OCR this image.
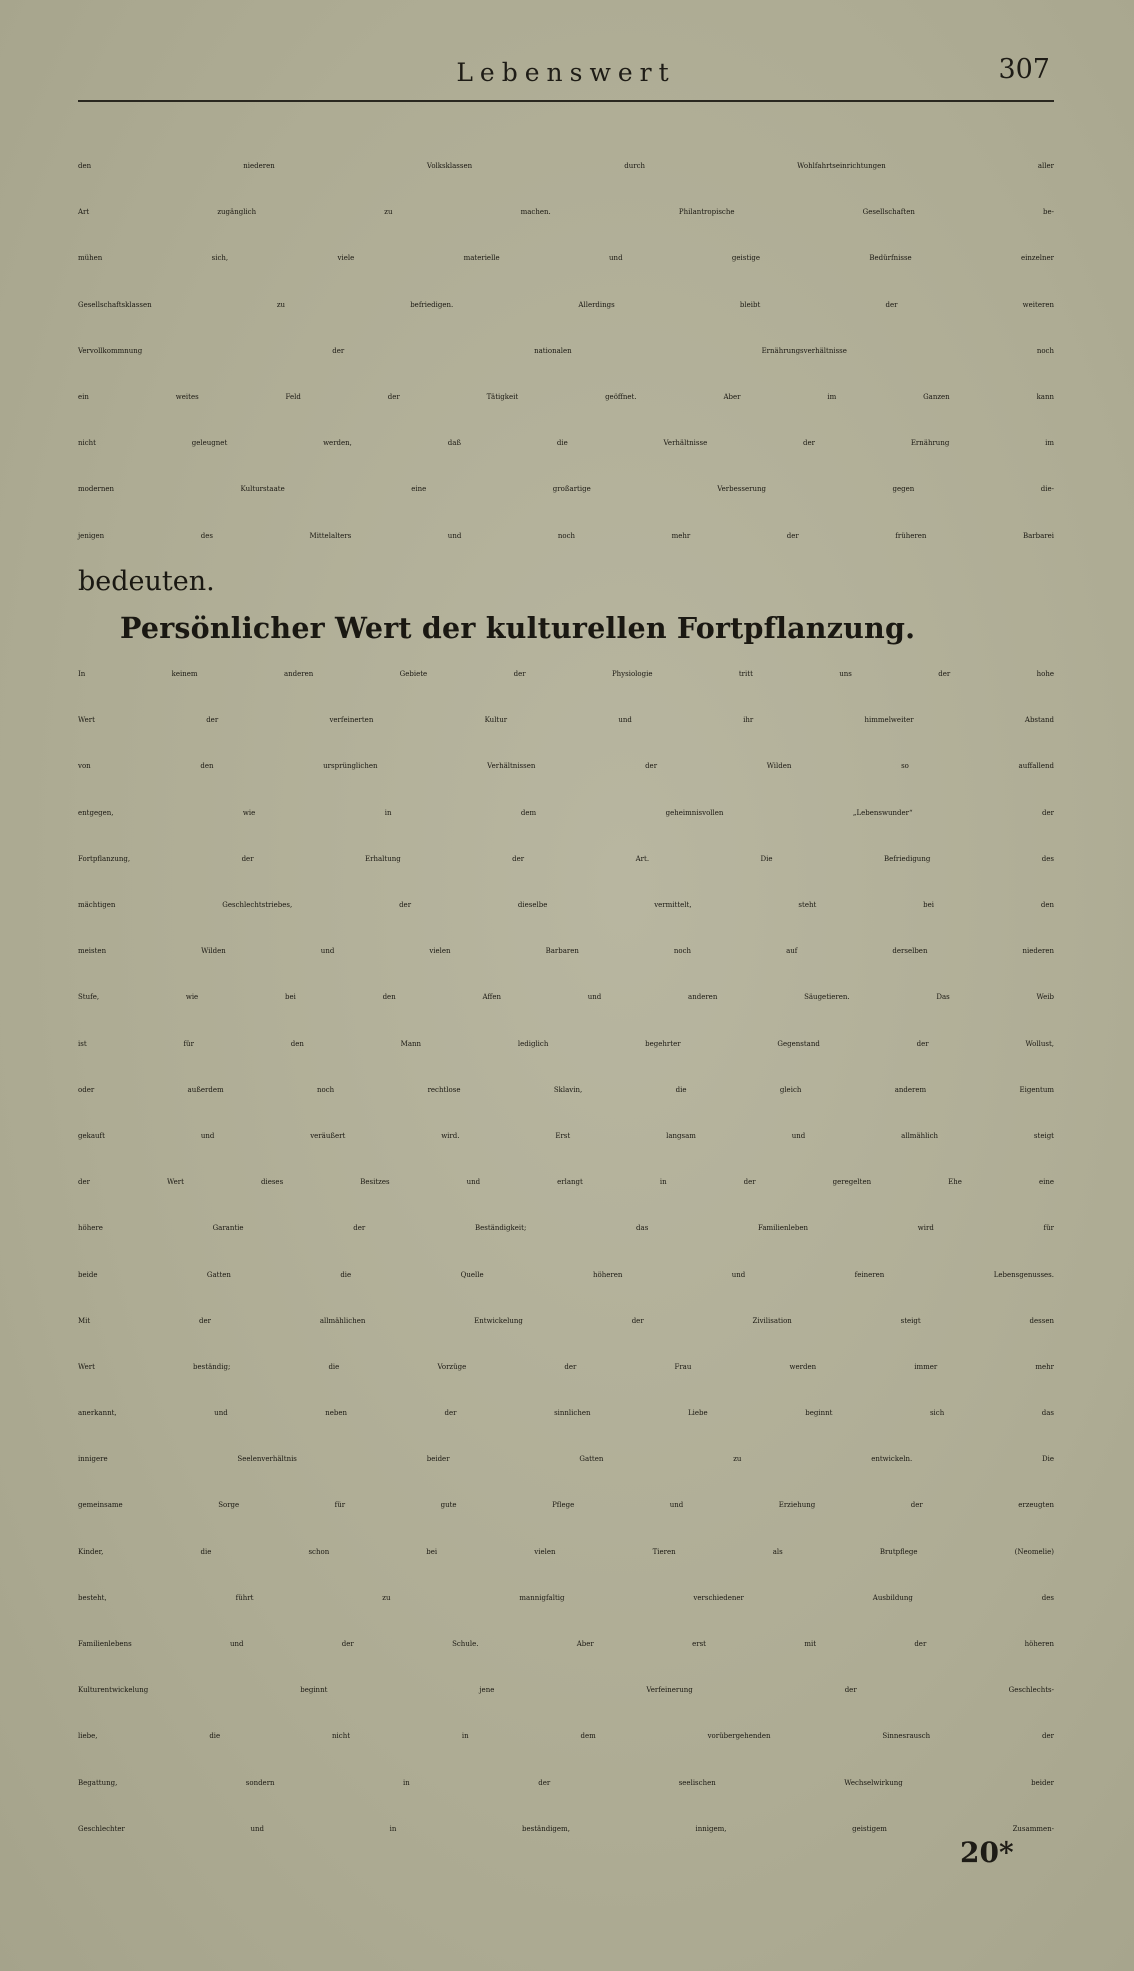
Lebenswert	307
den niederen Volksklassen durch Wohlfahrtseinrichtungen aller
Art zugänglich zu machen. Philantropische Gesellschaften be-
mühen sich, viele materielle und geistige Bedürfnisse einzelner
Gesellschaftsklassen zu befriedigen. Allerdings bleibt der weiteren
Vervollkommnung der nationalen Ernährungsverhältnisse noch
ein weites Feld der Tätigkeit geöffnet. Aber im Ganzen kann
nicht geleugnet werden, daß die Verhältnisse der Ernährung im
modernen Kulturstaate eine großartige Verbesserung gegen die-
jenigen des Mittelalters und noch mehr der früheren Barbarei
bedeuten.
Persönlicher Wert der kulturellen Fortpflanzung.
In keinem anderen Gebiete der Physiologie tritt uns der hohe
Wert der verfeinerten Kultur und ihr himmelweiter Abstand
von den ursprünglichen Verhältnissen der Wilden so auffallend
entgegen, wie in dem geheimnisvollen „Lebenswunder“ der
Fortpflanzung, der Erhaltung der Art. Die Befriedigung des
mächtigen Geschlechtstriebes, der dieselbe vermittelt, steht bei den
meisten Wilden und vielen Barbaren noch auf derselben niederen
Stufe, wie bei den Affen und anderen Säugetieren. Das Weib
ist für den Mann lediglich begehrter Gegenstand der Wollust,
oder außerdem noch rechtlose Sklavin, die gleich anderem Eigentum
gekauft und veräußert wird. Erst langsam und allmählich steigt
der Wert dieses Besitzes und erlangt in der geregelten Ehe eine
höhere Garantie der Beständigkeit; das Familienleben wird für
beide Gatten die Quelle höheren und feineren Lebensgenusses.
Mit der allmählichen Entwickelung der Zivilisation steigt dessen
Wert beständig; die Vorzüge der Frau werden immer mehr
anerkannt, und neben der sinnlichen Liebe beginnt sich das
innigere Seelenverhältnis beider Gatten zu entwickeln. Die
gemeinsame Sorge für gute Pflege und Erziehung der erzeugten
Kinder, die schon bei vielen Tieren als Brutpflege (Neomelie)
besteht, führt zu mannigfaltig verschiedener Ausbildung des
Familienlebens und der Schule. Aber erst mit der höheren
Kulturentwickelung beginnt jene Verfeinerung der Geschlechts-
liebe, die nicht in dem vorübergehenden Sinnesrausch der
Begattung, sondern in der seelischen Wechselwirkung beider
Geschlechter und in beständigem, innigem, geistigem Zusammen-
20*
